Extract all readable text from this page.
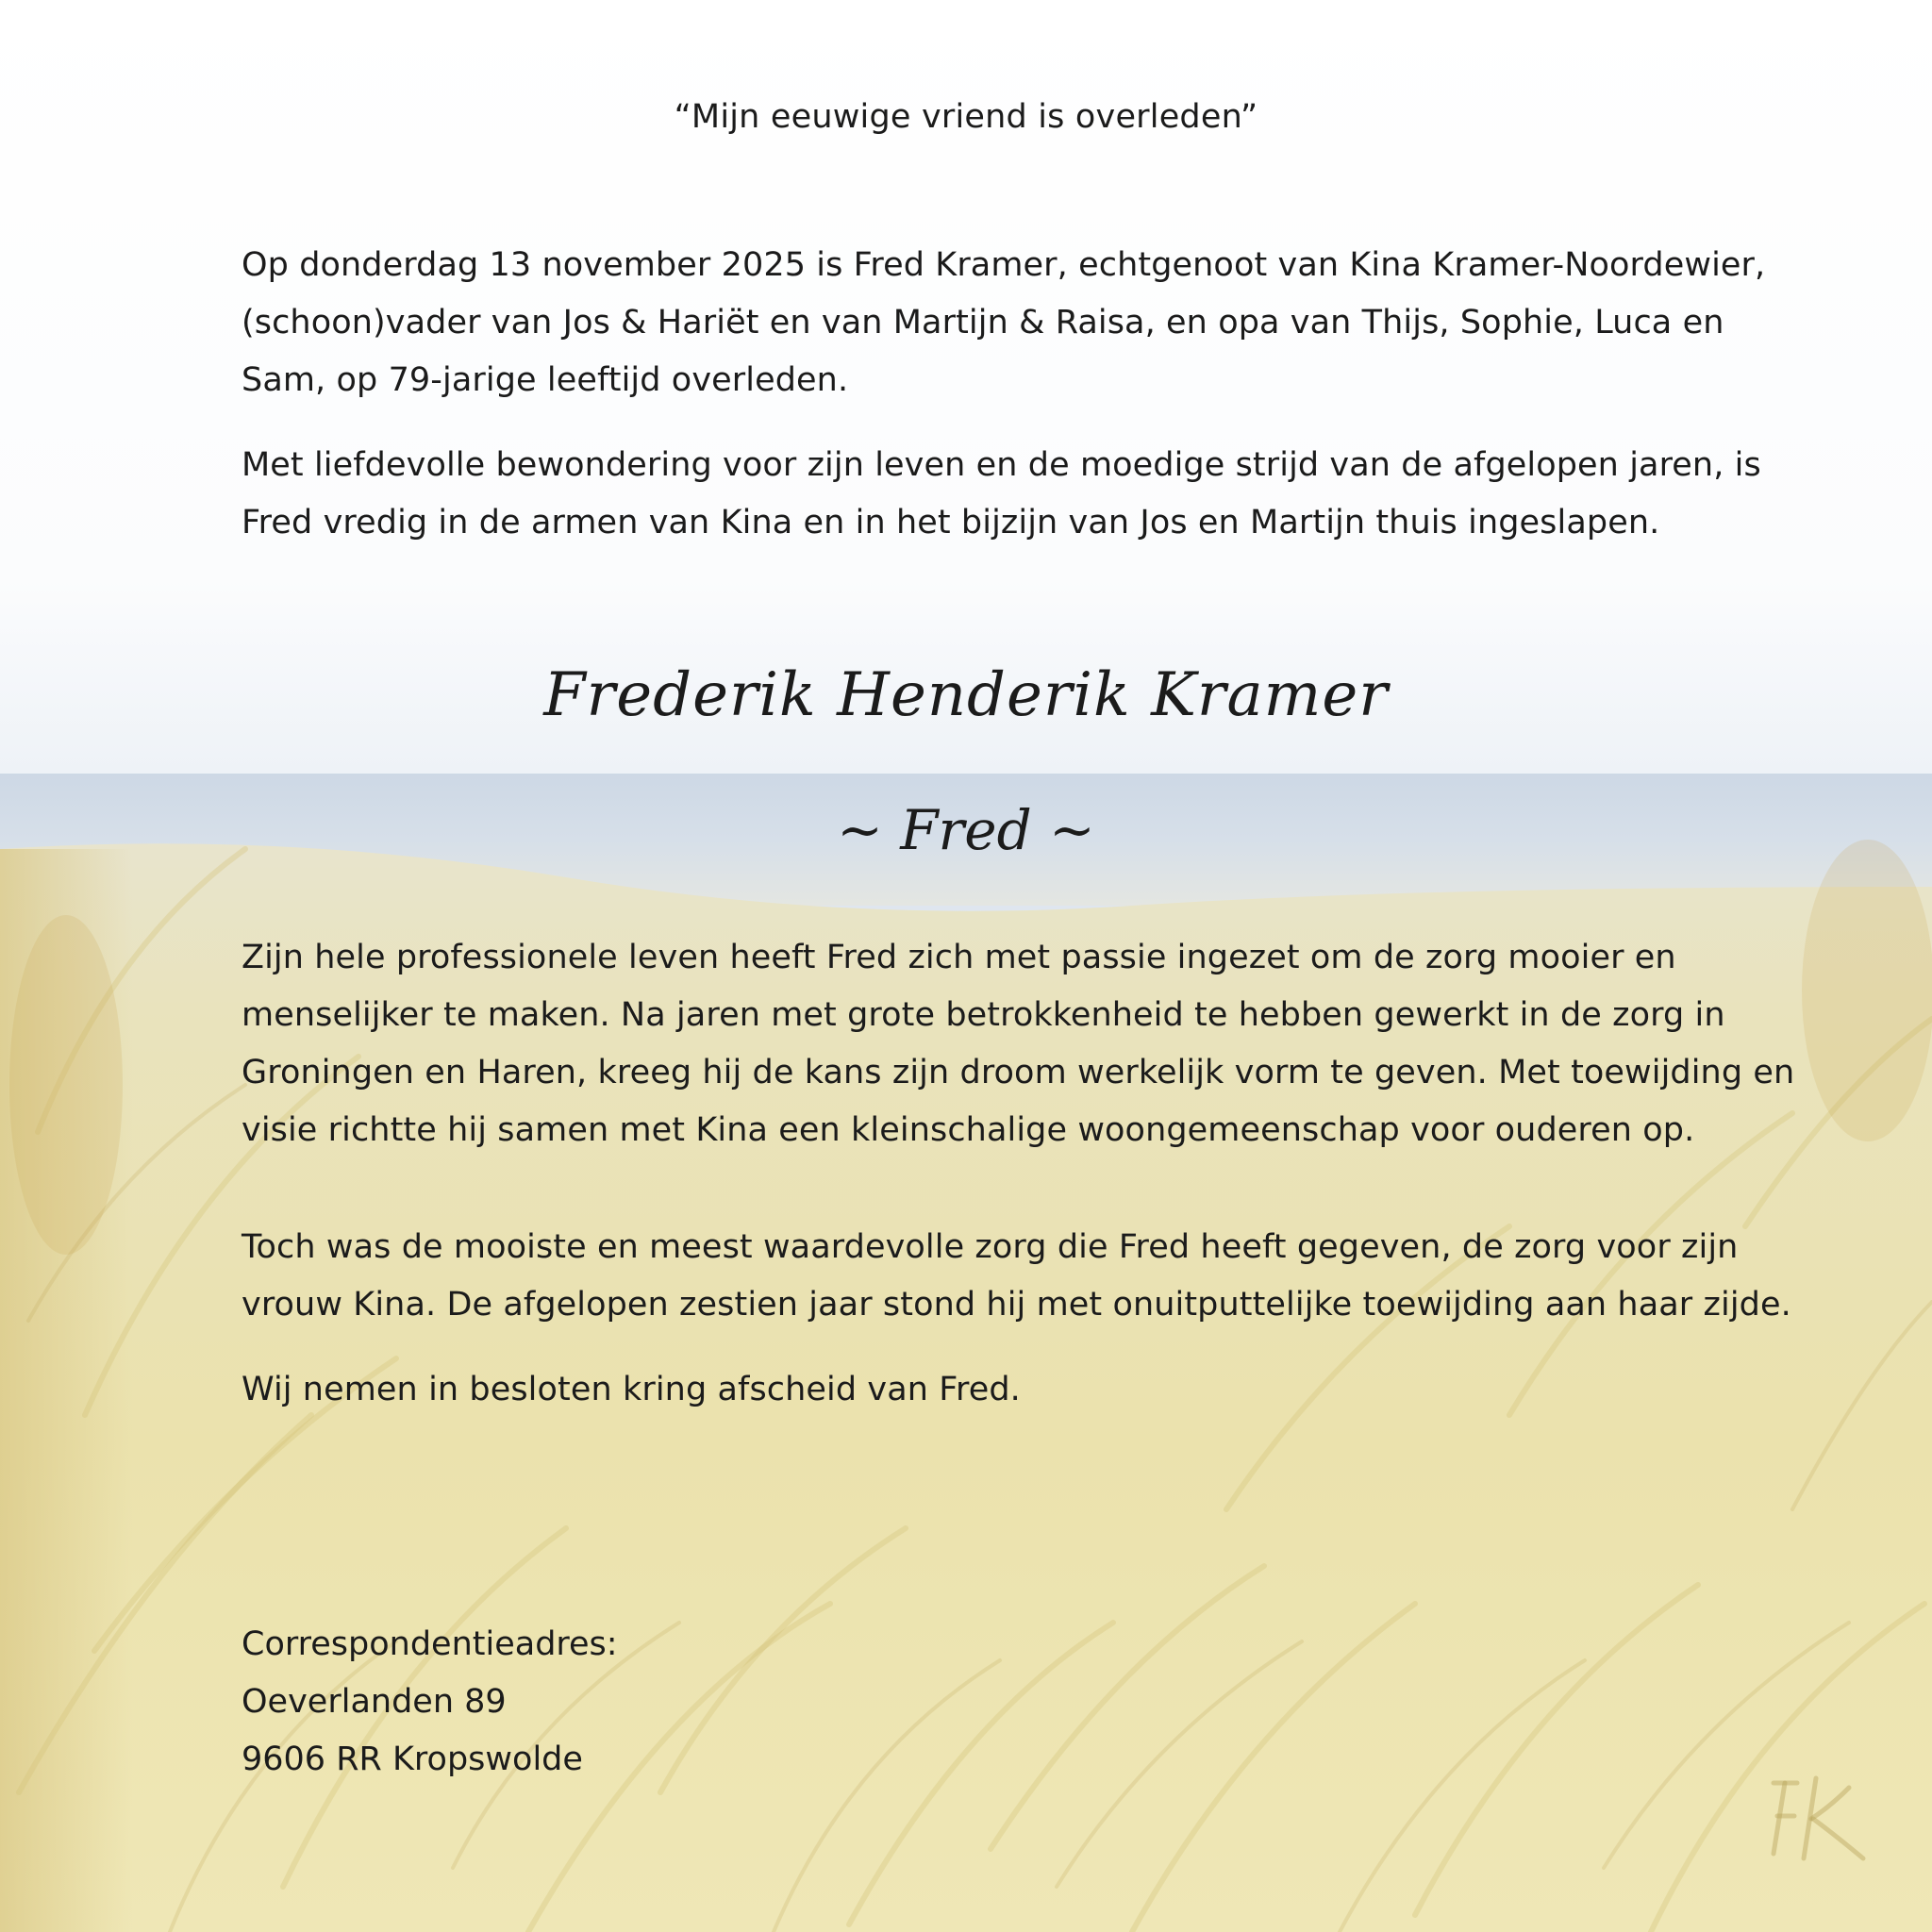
“Mijn eeuwige vriend is overleden”

Op donderdag 13 november 2025 is Fred Kramer, echtgenoot van Kina Kramer-Noordewier, (schoon)vader van Jos & Hariët en van Martijn & Raisa, en opa van Thijs, Sophie, Luca en Sam, op 79-jarige leeftijd overleden.

Met liefdevolle bewondering voor zijn leven en de moedige strijd van de afgelopen jaren, is Fred vredig in de armen van Kina en in het bijzijn van Jos en Martijn thuis ingeslapen.

Frederik Henderik Kramer
~ Fred ~

Zijn hele professionele leven heeft Fred zich met passie ingezet om de zorg mooier en menselijker te maken. Na jaren met grote betrokkenheid te hebben gewerkt in de zorg in Groningen en Haren, kreeg hij de kans zijn droom werkelijk vorm te geven. Met toewijding en visie richtte hij samen met Kina een kleinschalige woongemeenschap voor ouderen op.

Toch was de mooiste en meest waardevolle zorg die Fred heeft gegeven, de zorg voor zijn vrouw Kina. De afgelopen zestien jaar stond hij met onuitputtelijke toewijding aan haar zijde.

Wij nemen in besloten kring afscheid van Fred.

Correspondentieadres:
Oeverlanden 89
9606 RR Kropswolde
